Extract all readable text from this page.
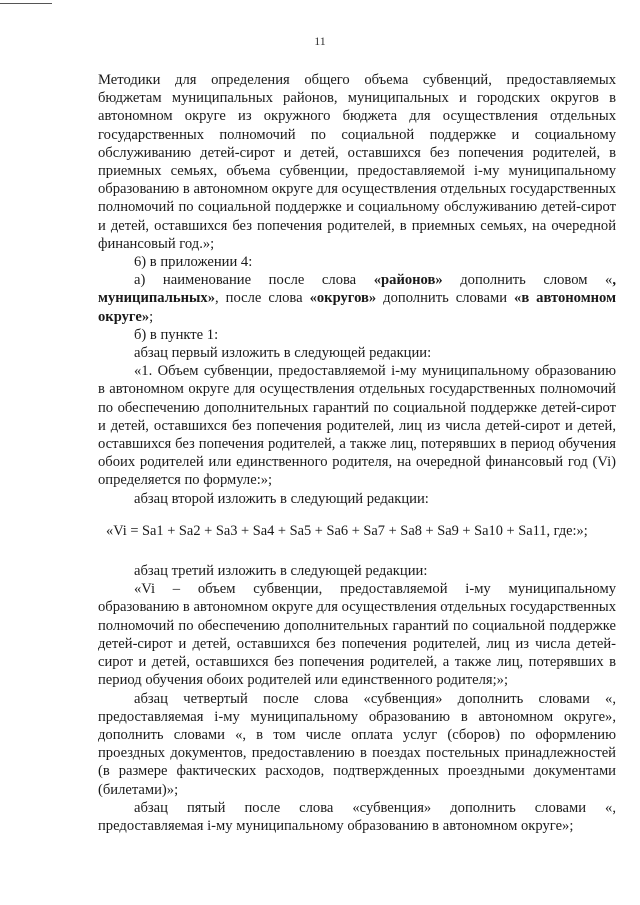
11

Методики для определения общего объема субвенций, предоставляемых бюджетам муниципальных районов, муниципальных и городских округов в автономном округе из окружного бюджета для осуществления отдельных государственных полномочий по социальной поддержке и социальному обслуживанию детей-сирот и детей, оставшихся без попечения родителей, в приемных семьях, объема субвенции, предоставляемой i-му муниципальному образованию в автономном округе для осуществления отдельных государственных полномочий по социальной поддержке и социальному обслуживанию детей-сирот и детей, оставшихся без попечения родителей, в приемных семьях, на очередной финансовый год.»;

6) в приложении 4:

а) наименование после слова «районов» дополнить словом «, муниципальных», после слова «округов» дополнить словами «в автономном округе»;

б) в пункте 1:

абзац первый изложить в следующей редакции:

«1. Объем субвенции, предоставляемой i-му муниципальному образованию в автономном округе для осуществления отдельных государственных полномочий по обеспечению дополнительных гарантий по социальной поддержке детей-сирот и детей, оставшихся без попечения родителей, лиц из числа детей-сирот и детей, оставшихся без попечения родителей, а также лиц, потерявших в период обучения обоих родителей или единственного родителя, на очередной финансовый год (Vi) определяется по формуле:»;

абзац второй изложить в следующий редакции:

«Vi = Sa1 + Sa2 + Sa3 + Sa4 + Sa5 + Sa6 + Sa7 + Sa8 + Sa9 + Sa10 + Sa11, где:»;

абзац третий изложить в следующей редакции:

«Vi – объем субвенции, предоставляемой i-му муниципальному образованию в автономном округе для осуществления отдельных государственных полномочий по обеспечению дополнительных гарантий по социальной поддержке детей-сирот и детей, оставшихся без попечения родителей, лиц из числа детей-сирот и детей, оставшихся без попечения родителей, а также лиц, потерявших в период обучения обоих родителей или единственного родителя;»;

абзац четвертый после слова «субвенция» дополнить словами «, предоставляемая i-му муниципальному образованию в автономном округе», дополнить словами «, в том числе оплата услуг (сборов) по оформлению проездных документов, предоставлению в поездах постельных принадлежностей (в размере фактических расходов, подтвержденных проездными документами (билетами)»;

абзац пятый после слова «субвенция» дополнить словами «, предоставляемая i-му муниципальному образованию в автономном округе»;
